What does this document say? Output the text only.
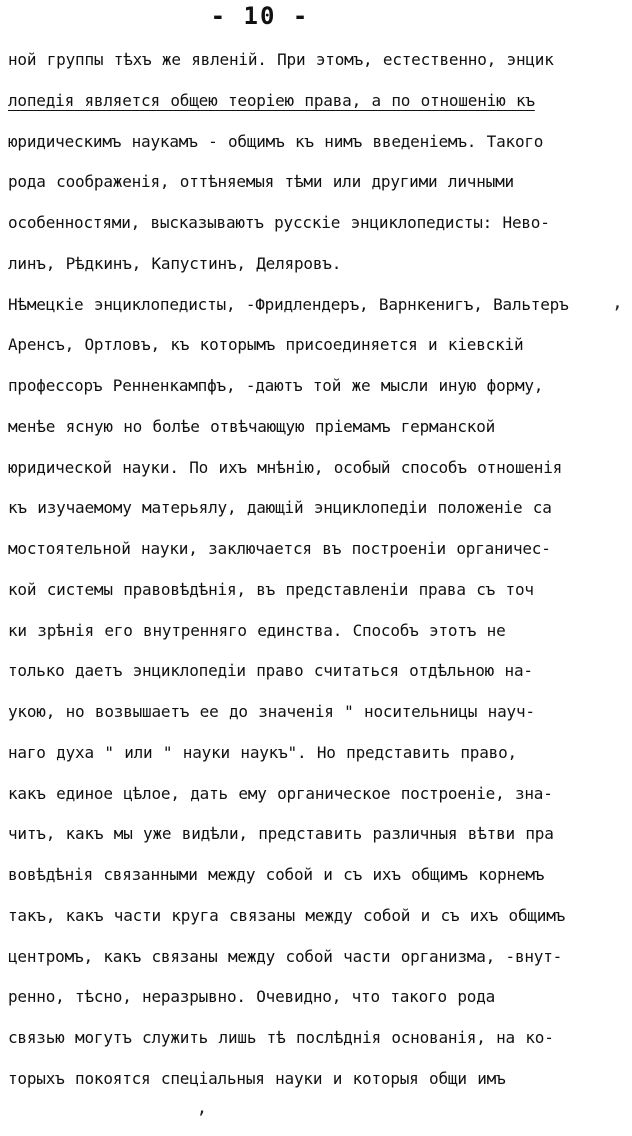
- 10 -
ной группы тѣхъ же явленій. При этомъ, естественно, энцик
лопедія является общею теоріею права, а по отношенію къ
юридическимъ наукамъ - общимъ къ нимъ введеніемъ. Такого
рода соображенія, оттѣняемыя тѣми или другими личными
особенностями, высказываютъ русскіе энциклопедисты: Нево-
линъ, Рѣдкинъ, Капустинъ, Деляровъ.
Нѣмецкіе энциклопедисты, -Фридлендеръ, Варнкенигъ, Вальтеръ
Аренсъ, Ортловъ, къ которымъ присоединяется и кіевскій
профессоръ Ренненкампфъ, -даютъ той же мысли иную форму,
менѣе ясную но болѣе отвѣчающую пріемамъ германской
юридической науки. По ихъ мнѣнію, особый способъ отношенія
къ изучаемому матерьялу, дающій энциклопедіи положеніе са
мостоятельной науки, заключается въ построеніи органичес-
кой системы правовѣдѣнія, въ представленіи права съ точ
ки зрѣнія его внутренняго единства. Способъ этотъ не
только даетъ энциклопедіи право считаться отдѣльною на-
укою, но возвышаетъ ее до значенія " носительницы науч-
наго духа " или " науки наукъ". Но представить право,
какъ единое цѣлое, дать ему органическое построеніе, зна-
читъ, какъ мы уже видѣли, представить различныя вѣтви пра
вовѣдѣнія связанными между собой и съ ихъ общимъ корнемъ
такъ, какъ части круга связаны между собой и съ ихъ общимъ
центромъ, какъ связаны между собой части организма, -внут-
ренно, тѣсно, неразрывно. Очевидно, что такого рода
связью могутъ служить лишь тѣ послѣднія основанія, на ко-
торыхъ покоятся спеціальныя науки и которыя общи имъ
’
,
